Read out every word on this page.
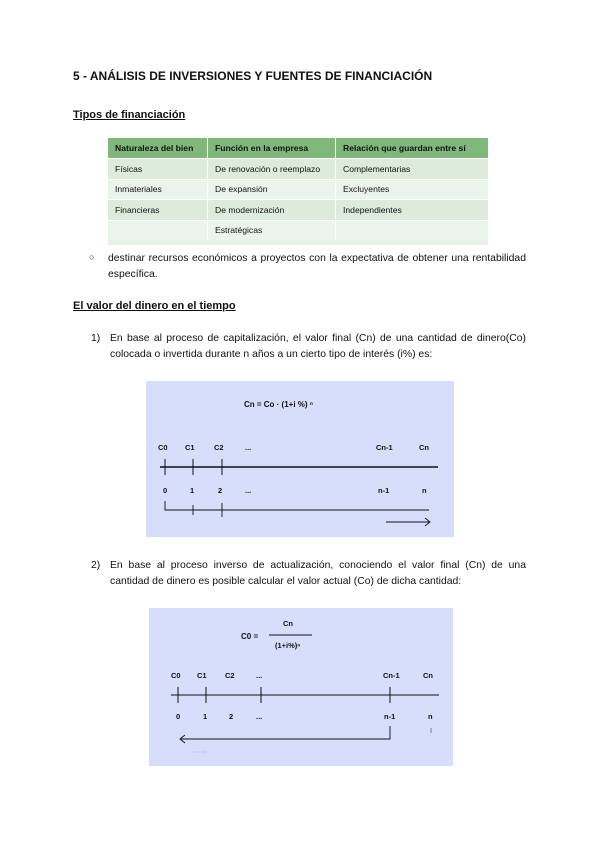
5 - ANÁLISIS DE INVERSIONES Y FUENTES DE FINANCIACIÓN
Tipos de financiación
Naturaleza del bien	Función en la empresa	Relación que guardan entre sí
Físicas	De renovación o reemplazo	Complementarias
Inmateriales	De expansión	Excluyentes
Financieras	De modernización	Independientes
	Estratégicas	
○ destinar recursos económicos a proyectos con la expectativa de obtener una rentabilidad específica.
El valor del dinero en el tiempo
1) En base al proceso de capitalización, el valor final (Cn) de una cantidad de dinero(Co) colocada o invertida durante n años a un cierto tipo de interés (i%) es:
Cn = Co · (1+i %) ⁿ
C0 C1	C2	...	Cn-1	Cn
0	1	2	...	n-1	n
2) En base al proceso inverso de actualización, conociendo el valor final (Cn) de una cantidad de dinero es posible calcular el valor actual (Co) de dicha cantidad:
C0 =
Cn
(1+i%)ⁿ
C0 C1 C2	...	Cn-1	Cn
0	1	2	...	n-1	n
